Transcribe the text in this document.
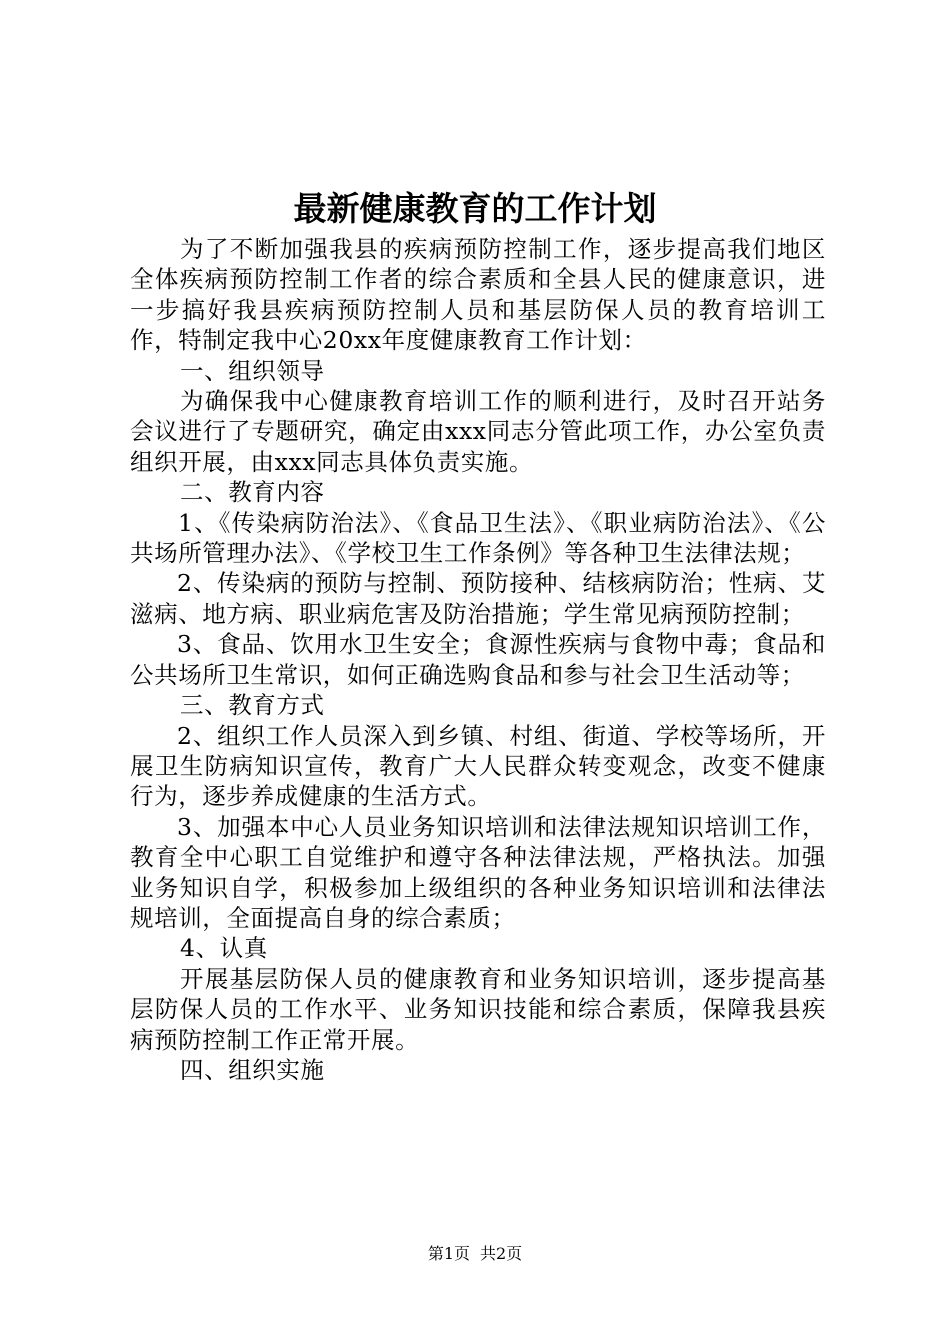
最新健康教育的工作计划

为了不断加强我县的疾病预防控制工作，逐步提高我们地区全体疾病预防控制工作者的综合素质和全县人民的健康意识，进一步搞好我县疾病预防控制人员和基层防保人员的教育培训工作，特制定我中心20xx年度健康教育工作计划：

一、组织领导

为确保我中心健康教育培训工作的顺利进行，及时召开站务会议进行了专题研究，确定由xxx同志分管此项工作，办公室负责组织开展，由xxx同志具体负责实施。

二、教育内容

1、《传染病防治法》、《食品卫生法》、《职业病防治法》、《公共场所管理办法》、《学校卫生工作条例》等各种卫生法律法规；

2、传染病的预防与控制、预防接种、结核病防治；性病、艾滋病、地方病、职业病危害及防治措施；学生常见病预防控制；

3、食品、饮用水卫生安全；食源性疾病与食物中毒；食品和公共场所卫生常识，如何正确选购食品和参与社会卫生活动等；

三、教育方式

2、组织工作人员深入到乡镇、村组、街道、学校等场所，开展卫生防病知识宣传，教育广大人民群众转变观念，改变不健康行为，逐步养成健康的生活方式。

3、加强本中心人员业务知识培训和法律法规知识培训工作，教育全中心职工自觉维护和遵守各种法律法规，严格执法。加强业务知识自学，积极参加上级组织的各种业务知识培训和法律法规培训，全面提高自身的综合素质；

4、认真

开展基层防保人员的健康教育和业务知识培训，逐步提高基层防保人员的工作水平、业务知识技能和综合素质，保障我县疾病预防控制工作正常开展。

四、组织实施

第1页 共2页
